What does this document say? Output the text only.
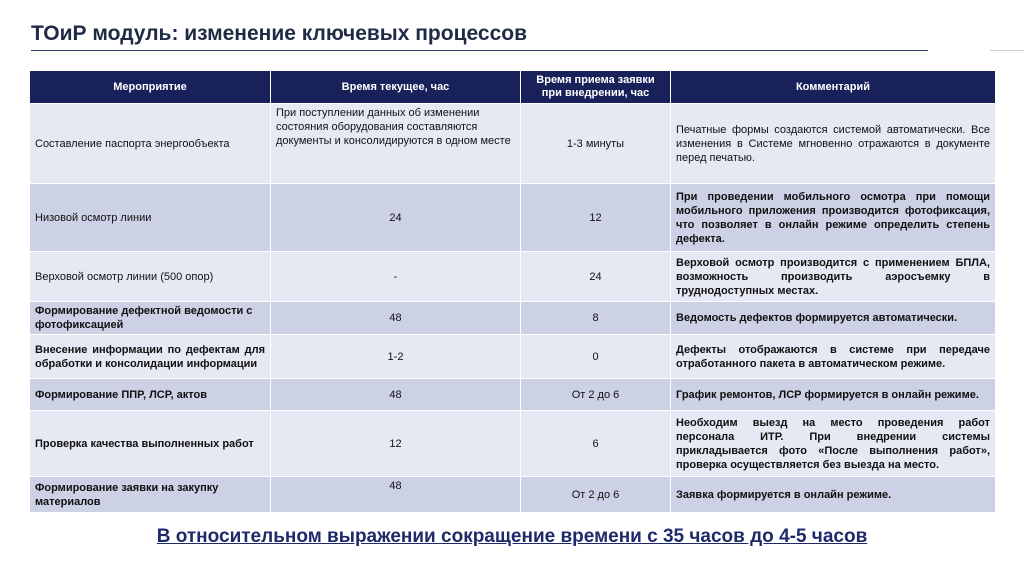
ТОиР модуль: изменение ключевых процессов
Мероприятие	Время текущее, час	Время приема заявки при внедрении, час	Комментарий
Составление паспорта энергообъекта	При поступлении данных об изменении состояния оборудования составляются документы и консолидируются в одном месте	1-3 минуты	Печатные формы создаются системой автоматически. Все изменения в Системе мгновенно отражаются в документе перед печатью.
Низовой осмотр линии	24	12	При проведении мобильного осмотра при помощи мобильного приложения производится фотофиксация, что позволяет в онлайн режиме определить степень дефекта.
Верховой осмотр линии (500 опор)	-	24	Верховой осмотр производится с применением БПЛА, возможность производить аэросъемку в труднодоступных местах.
Формирование дефектной ведомости с фотофиксацией	48	8	Ведомость дефектов формируется автоматически.
Внесение информации по дефектам для обработки и консолидации информации	1-2	0	Дефекты отображаются в системе при передаче отработанного пакета в автоматическом режиме.
Формирование ППР, ЛСР, актов	48	От 2 до 6	График ремонтов, ЛСР формируется в онлайн режиме.
Проверка качества выполненных работ	12	6	Необходим выезд на место проведения работ персонала ИТР. При внедрении системы прикладывается фото «После выполнения работ», проверка осуществляется без выезда на место.
Формирование заявки на закупку материалов	48	От 2 до 6	Заявка формируется в онлайн режиме.
В относительном выражении сокращение времени с 35 часов до 4-5 часов
